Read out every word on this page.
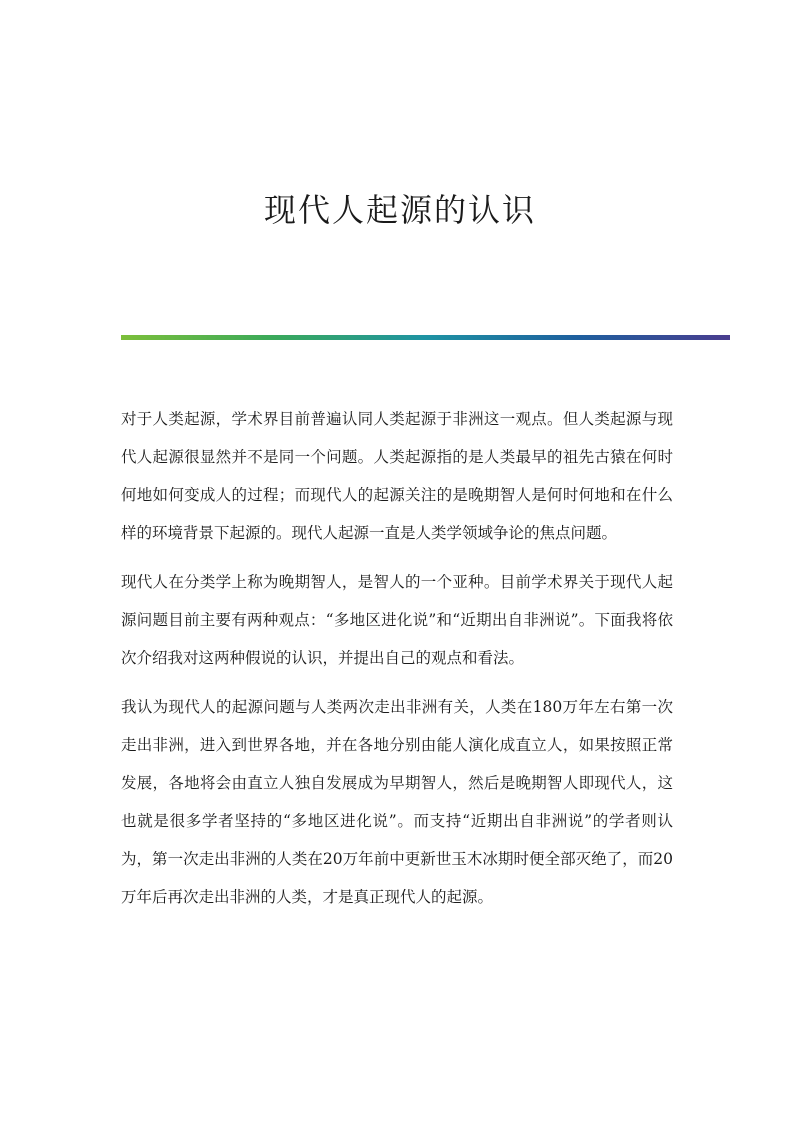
现代人起源的认识

对于人类起源，学术界目前普遍认同人类起源于非洲这一观点。但人类起源与现代人起源很显然并不是同一个问题。人类起源指的是人类最早的祖先古猿在何时何地如何变成人的过程；而现代人的起源关注的是晚期智人是何时何地和在什么样的环境背景下起源的。现代人起源一直是人类学领域争论的焦点问题。

现代人在分类学上称为晚期智人，是智人的一个亚种。目前学术界关于现代人起源问题目前主要有两种观点：“多地区进化说”和“近期出自非洲说”。下面我将依次介绍我对这两种假说的认识，并提出自己的观点和看法。

我认为现代人的起源问题与人类两次走出非洲有关，人类在180万年左右第一次走出非洲，进入到世界各地，并在各地分别由能人演化成直立人，如果按照正常发展，各地将会由直立人独自发展成为早期智人，然后是晚期智人即现代人，这也就是很多学者坚持的“多地区进化说”。而支持“近期出自非洲说”的学者则认为，第一次走出非洲的人类在20万年前中更新世玉木冰期时便全部灭绝了，而20万年后再次走出非洲的人类，才是真正现代人的起源。
